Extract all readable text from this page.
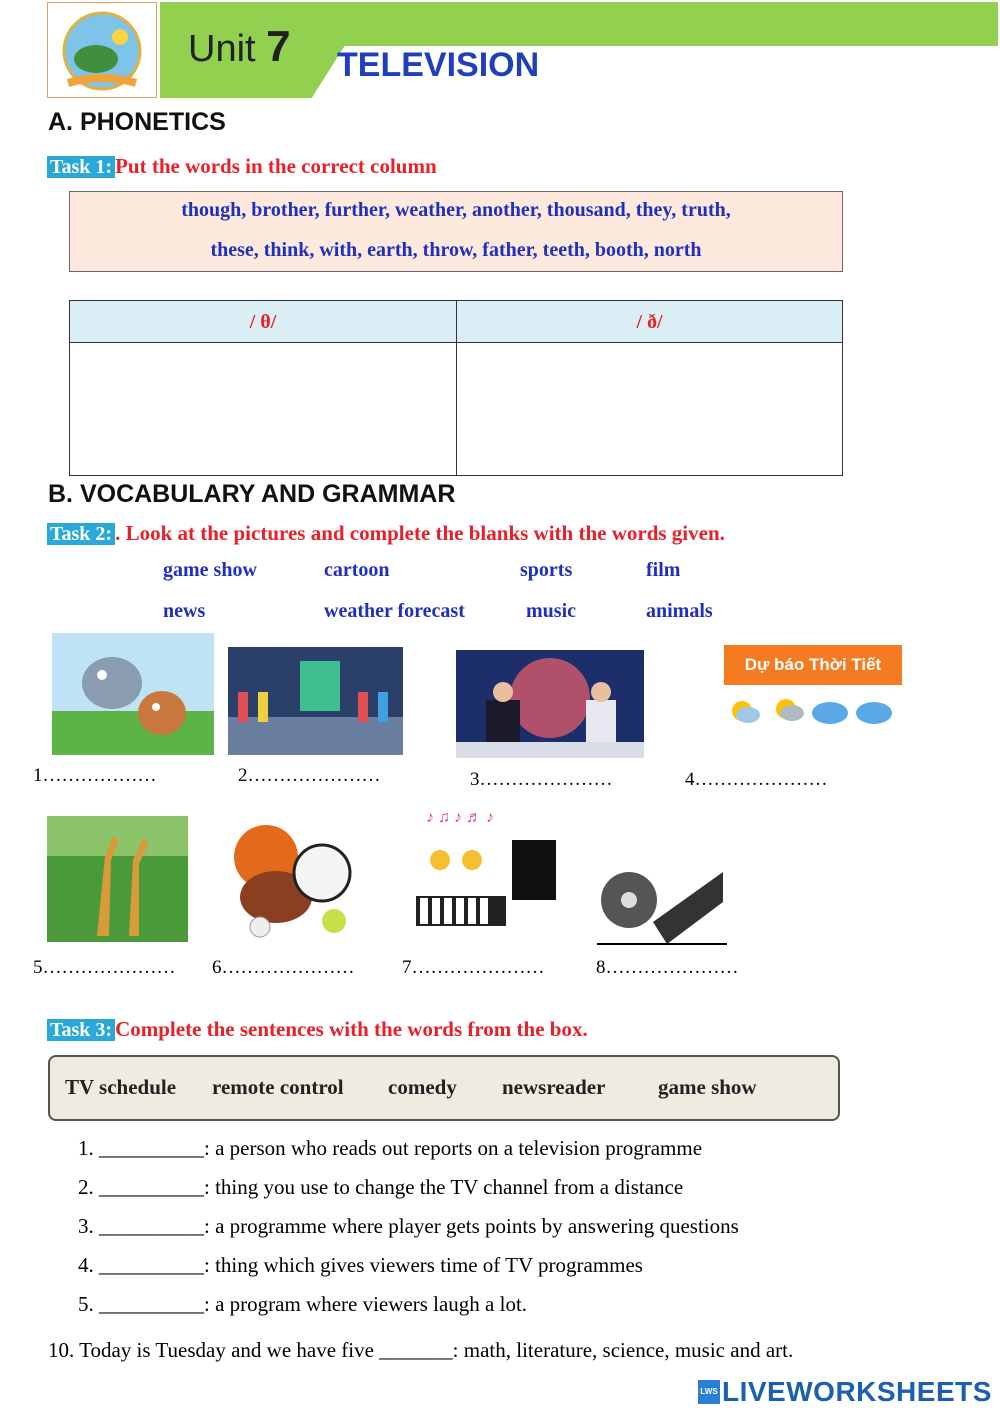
Unit 7 TELEVISION
A. PHONETICS
Task 1: Put the words in the correct column
though, brother, further, weather, another, thousand, they, truth,
these, think, with, earth, throw, father, teeth, booth, north
/ θ/	/ ð/
B. VOCABULARY AND GRAMMAR
Task 2: . Look at the pictures and complete the blanks with the words given.
game show	cartoon	sports	film
news	weather forecast	music	animals
Dự báo Thời Tiết
1………………	2…………………	3…………………	4…………………
♪ ♫ ♪ ♬ ♪
5………………… 6…………………	7…………………	8…………………
Task 3: Complete the sentences with the words from the box.
TV schedule remote control comedy newsreader	game show
1. __________: a person who reads out reports on a television programme
2. __________: thing you use to change the TV channel from a distance
3. __________: a programme where player gets points by answering questions
4. __________: thing which gives viewers time of TV programmes
5. __________: a program where viewers laugh a lot.
10. Today is Tuesday and we have five _______: math, literature, science, music and art.
LWS LIVEWORKSHEETS
